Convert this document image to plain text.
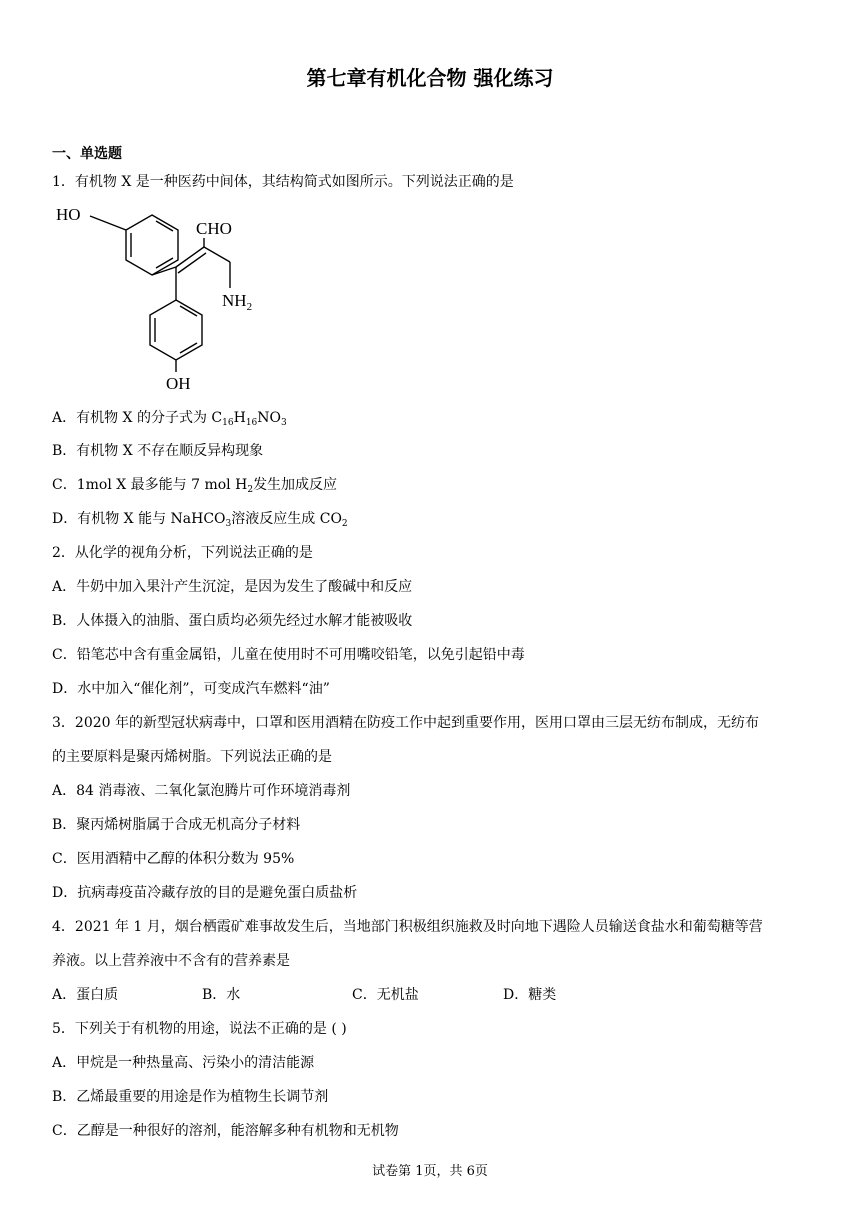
第七章有机化合物 强化练习
一、单选题
1．有机物 X 是一种医药中间体，其结构简式如图所示。下列说法正确的是
HO
CHO
$NH_2$
OH
A．有机物 X 的分子式为 $C_{16}H_{16}NO_3$
B．有机物 X 不存在顺反异构现象
C．1mol X 最多能与 7 mol $H_2$发生加成反应
D．有机物 X 能与 NaHCO$_3$溶液反应生成 $CO_2$
2．从化学的视角分析，下列说法正确的是
A．牛奶中加入果汁产生沉淀，是因为发生了酸碱中和反应
B．人体摄入的油脂、蛋白质均必须先经过水解才能被吸收
C．铅笔芯中含有重金属铅，儿童在使用时不可用嘴咬铅笔，以免引起铅中毒
D．水中加入“催化剂”，可变成汽车燃料“油”
3．2020 年的新型冠状病毒中，口罩和医用酒精在防疫工作中起到重要作用，医用口罩由三层无纺布制成，无纺布
的主要原料是聚丙烯树脂。下列说法正确的是
A．84 消毒液、二氧化氯泡腾片可作环境消毒剂
B．聚丙烯树脂属于合成无机高分子材料
C．医用酒精中乙醇的体积分数为 95%
D．抗病毒疫苗冷藏存放的目的是避免蛋白质盐析
4．2021 年 1 月，烟台栖霞矿难事故发生后，当地部门积极组织施救及时向地下遇险人员输送食盐水和葡萄糖等营
养液。以上营养液中不含有的营养素是
A．蛋白质	B．水	C．无机盐	D．糖类
5．下列关于有机物的用途，说法不正确的是 ( )
A．甲烷是一种热量高、污染小的清洁能源
B．乙烯最重要的用途是作为植物生长调节剂
C．乙醇是一种很好的溶剂，能溶解多种有机物和无机物
试卷第 1页，共 6页
